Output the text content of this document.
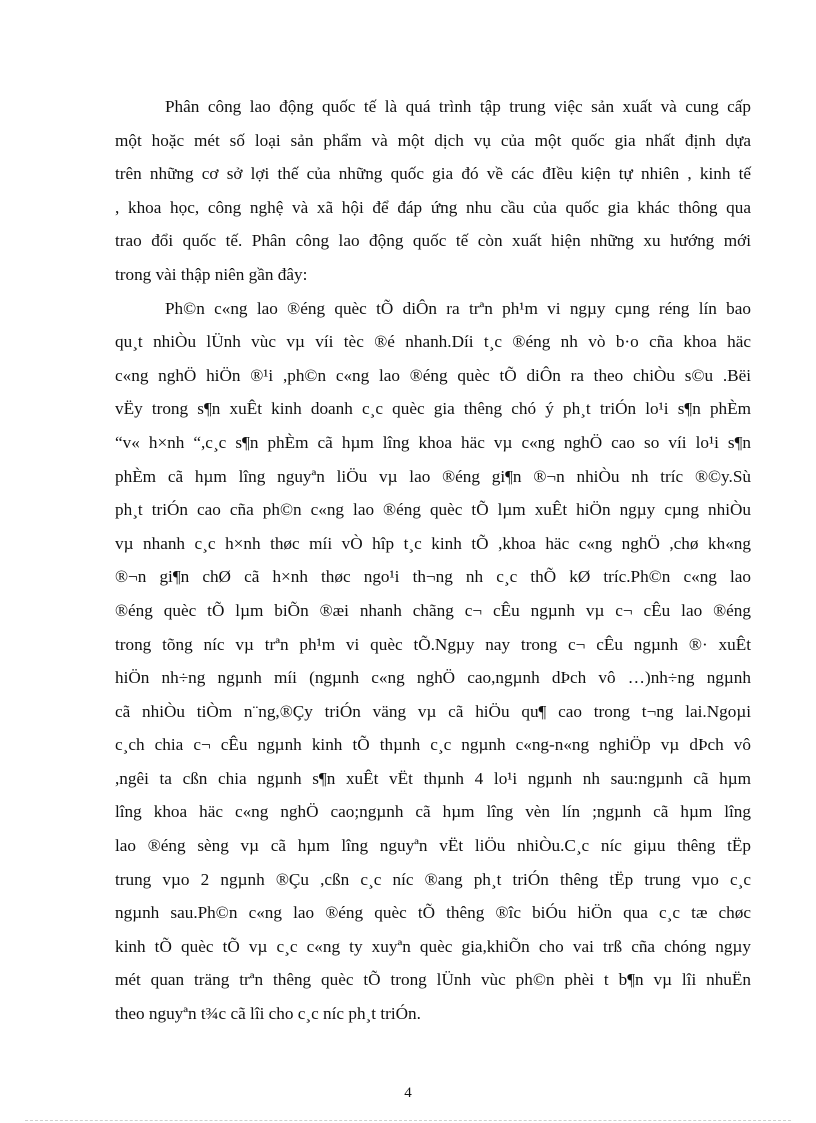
Phân công lao động quốc tế là quá trình tập trung việc sản xuất và cung cấp
một hoặc mét số loại sản phẩm và một dịch vụ của một quốc gia nhất định dựa
trên những cơ sở lợi thế của những quốc gia đó về các đIều kiện tự nhiên , kinh tế
, khoa học, công nghệ và xã hội để đáp ứng nhu cầu của quốc gia khác thông qua
trao đổi quốc tế. Phân công lao động quốc tế còn xuất hiện những xu hướng mới
trong vài thập niên gần đây:
Ph©n c«ng lao ®éng quèc tÕ diÔn ra trªn ph¹m vi ngµy cµng réng lín bao
qu¸t nhiÒu lÜnh vùc vµ víi tèc ®é nhanh.Díi t¸c ®éng nh vò b·o cña khoa häc
c«ng nghÖ hiÖn ®¹i ,ph©n c«ng lao ®éng quèc tÕ diÔn ra theo chiÒu s©u .Bëi
vËy trong s¶n xuÊt kinh doanh c¸c quèc gia thêng chó ý ph¸t triÓn lo¹i s¶n phÈm
“v« h×nh “,c¸c s¶n phÈm cã hµm lîng khoa häc vµ c«ng nghÖ cao so víi lo¹i s¶n
phÈm cã hµm lîng nguyªn liÖu vµ lao ®éng gi¶n ®¬n nhiÒu nh tríc ®©y.Sù
ph¸t triÓn cao cña ph©n c«ng lao ®éng quèc tÕ lµm xuÊt hiÖn ngµy cµng nhiÒu
vµ nhanh c¸c h×nh thøc míi vÒ hîp t¸c kinh tÕ ,khoa häc c«ng nghÖ ,chø kh«ng
®¬n gi¶n chØ cã h×nh thøc ngo¹i th¬ng nh c¸c thÕ kØ tríc.Ph©n c«ng lao
®éng quèc tÕ lµm biÕn ®æi nhanh chãng c¬ cÊu ngµnh vµ c¬ cÊu lao ®éng
trong tõng níc vµ trªn ph¹m vi quèc tÕ.Ngµy nay trong c¬ cÊu ngµnh ®· xuÊt
hiÖn nh÷ng ngµnh míi (ngµnh c«ng nghÖ cao,ngµnh dÞch vô …)nh÷ng ngµnh
cã nhiÒu tiÒm n¨ng,®Çy triÓn väng vµ cã hiÖu qu¶ cao trong t¬ng lai.Ngoµi
c¸ch chia c¬ cÊu ngµnh kinh tÕ thµnh c¸c ngµnh c«ng-n«ng nghiÖp vµ dÞch vô
,ngêi ta cßn chia ngµnh s¶n xuÊt vËt thµnh 4 lo¹i ngµnh nh sau:ngµnh cã hµm
lîng khoa häc c«ng nghÖ cao;ngµnh cã hµm lîng vèn lín ;ngµnh cã hµm lîng
lao ®éng sèng vµ cã hµm lîng nguyªn vËt liÖu nhiÒu.C¸c níc giµu thêng tËp
trung vµo 2 ngµnh ®Çu ,cßn c¸c níc ®ang ph¸t triÓn thêng tËp trung vµo c¸c
ngµnh sau.Ph©n c«ng lao ®éng quèc tÕ thêng ®îc biÓu hiÖn qua c¸c tæ chøc
kinh tÕ quèc tÕ vµ c¸c c«ng ty xuyªn quèc gia,khiÕn cho vai trß cña chóng ngµy
mét quan träng trªn thêng quèc tÕ trong lÜnh vùc ph©n phèi t b¶n vµ lîi nhuËn
theo nguyªn t¾c cã lîi cho c¸c níc ph¸t triÓn.
4
